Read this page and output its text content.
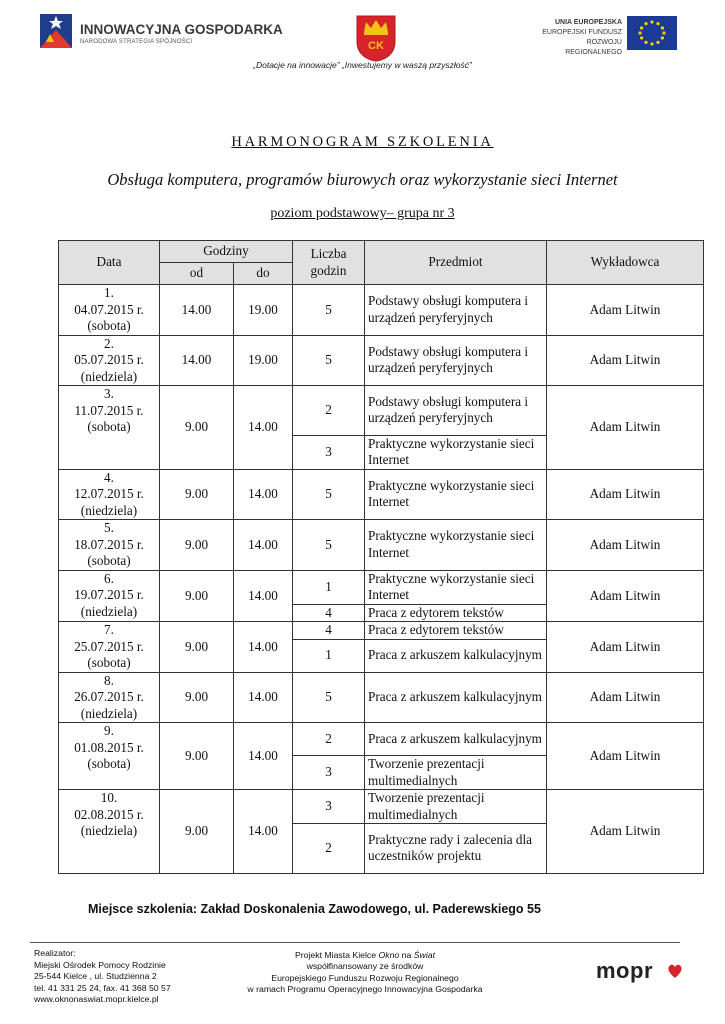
INNOWACYJNA GOSPODARKA
NARODOWA STRATEGIA SPÓJNOŚCI	CK
UNIA EUROPEJSKA
EUROPEJSKI FUNDUSZ
ROZWOJU REGIONALNEGO
„Dotacje na innowacje” „Inwestujemy w waszą przyszłość”
HARMONOGRAM SZKOLENIA
Obsługa komputera, programów biurowych oraz wykorzystanie sieci Internet
poziom podstawowy– grupa nr 3
Data	Godziny		Liczba godzin	Przedmiot	Wykładowca
	od	do			

1.
04.07.2015 r.
(sobota)	14.00	19.00	5	Podstawy obsługi komputera i urządzeń peryferyjnych	Adam Litwin

2.
05.07.2015 r.
(niedziela)	14.00	19.00	5	Podstawy obsługi komputera i urządzeń peryferyjnych	Adam Litwin

3.
11.07.2015 r.
(sobota)	9.00	14.00	2	Podstawy obsługi komputera i urządzeń peryferyjnych	Adam Litwin
			3	Praktyczne wykorzystanie sieci Internet	

4.
12.07.2015 r.
(niedziela)	9.00	14.00	5	Praktyczne wykorzystanie sieci Internet	Adam Litwin

5.
18.07.2015 r.
(sobota)	9.00	14.00	5	Praktyczne wykorzystanie sieci Internet	Adam Litwin

6.
19.07.2015 r.
(niedziela)	9.00	14.00	1	Praktyczne wykorzystanie sieci Internet	Adam Litwin
			4	Praca z edytorem tekstów	

7.
25.07.2015 r.
(sobota)	9.00	14.00	4	Praca z edytorem tekstów	Adam Litwin
			1	Praca z arkuszem kalkulacyjnym	

8.
26.07.2015 r.
(niedziela)	9.00	14.00	5	Praca z arkuszem kalkulacyjnym	Adam Litwin

9.
01.08.2015 r.
(sobota)	9.00	14.00	2	Praca z arkuszem kalkulacyjnym	Adam Litwin
			3	Tworzenie prezentacji multimedialnych	

10.
02.08.2015 r.
(niedziela)	9.00	14.00	3	Tworzenie prezentacji multimedialnych	Adam Litwin
			2	Praktyczne rady i zalecenia dla uczestników projektu	
Miejsce szkolenia: Zakład Doskonalenia Zawodowego, ul. Paderewskiego 55
Realizator:
Miejski Ośrodek Pomocy Rodzinie
25-544 Kielce , ul. Studzienna 2
tel. 41 331 25 24, fax. 41 368 50 57
www.oknonaswiat.mopr.kielce.pl
Projekt Miasta Kielce Okno na Świat
współfinansowany ze środków
Europejskiego Funduszu Rozwoju Regionalnego
w ramach Programu Operacyjnego Innowacyjna Gospodarka
mopr
